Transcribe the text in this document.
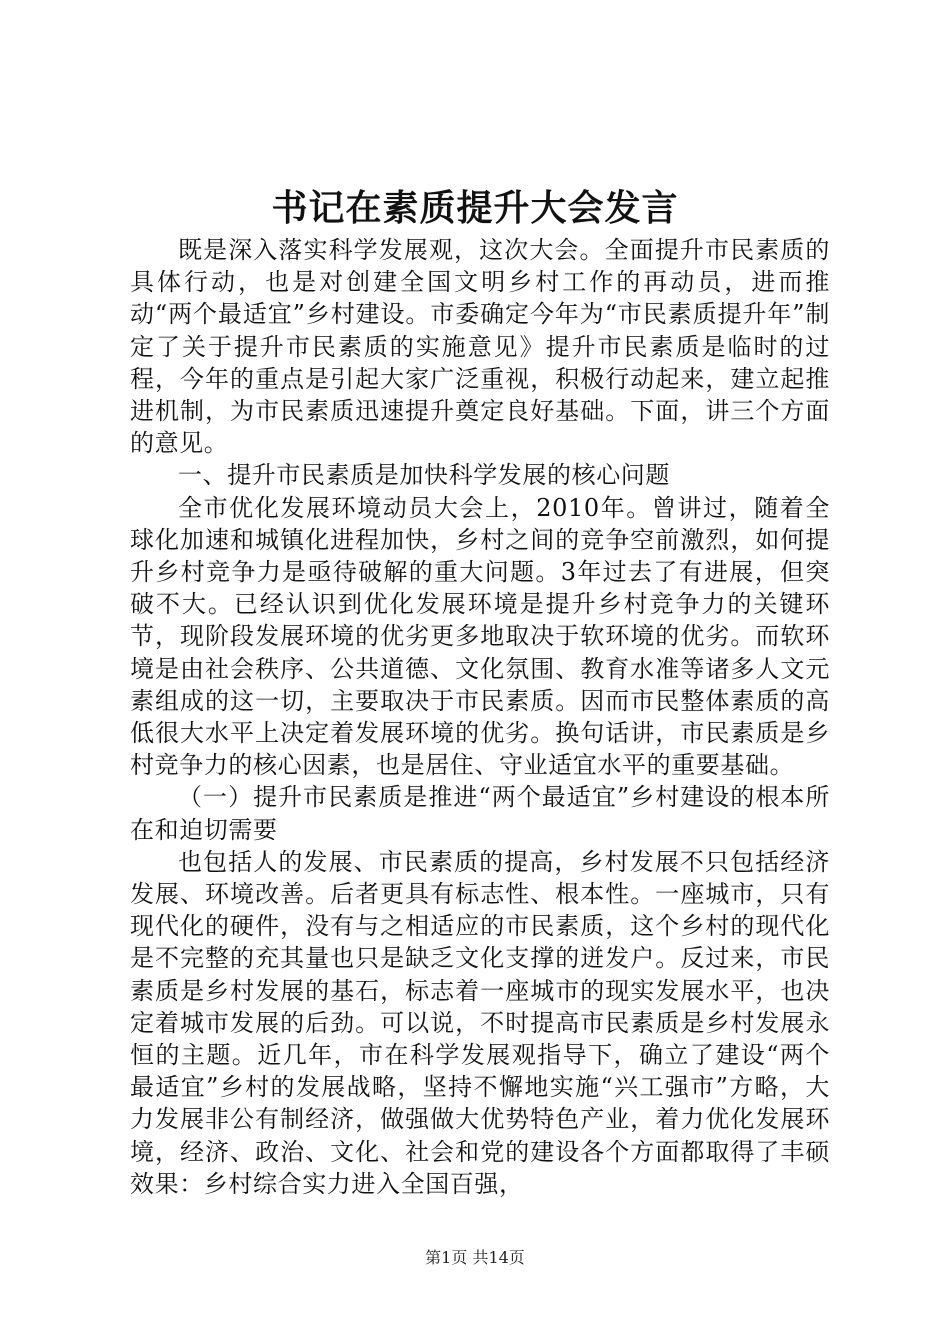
书记在素质提升大会发言

既是深入落实科学发展观，这次大会。全面提升市民素质的具体行动，也是对创建全国文明乡村工作的再动员，进而推动“两个最适宜”乡村建设。市委确定今年为“市民素质提升年”制定了关于提升市民素质的实施意见》提升市民素质是临时的过程，今年的重点是引起大家广泛重视，积极行动起来，建立起推进机制，为市民素质迅速提升奠定良好基础。下面，讲三个方面的意见。

一、提升市民素质是加快科学发展的核心问题

全市优化发展环境动员大会上，2010年。曾讲过，随着全球化加速和城镇化进程加快，乡村之间的竞争空前激烈，如何提升乡村竞争力是亟待破解的重大问题。3年过去了有进展，但突破不大。已经认识到优化发展环境是提升乡村竞争力的关键环节，现阶段发展环境的优劣更多地取决于软环境的优劣。而软环境是由社会秩序、公共道德、文化氛围、教育水准等诸多人文元素组成的这一切，主要取决于市民素质。因而市民整体素质的高低很大水平上决定着发展环境的优劣。换句话讲，市民素质是乡村竞争力的核心因素，也是居住、守业适宜水平的重要基础。

（一）提升市民素质是推进“两个最适宜”乡村建设的根本所在和迫切需要

也包括人的发展、市民素质的提高，乡村发展不只包括经济发展、环境改善。后者更具有标志性、根本性。一座城市，只有现代化的硬件，没有与之相适应的市民素质，这个乡村的现代化是不完整的充其量也只是缺乏文化支撑的迸发户。反过来，市民素质是乡村发展的基石，标志着一座城市的现实发展水平，也决定着城市发展的后劲。可以说，不时提高市民素质是乡村发展永恒的主题。近几年，市在科学发展观指导下，确立了建设“两个最适宜”乡村的发展战略，坚持不懈地实施“兴工强市”方略，大力发展非公有制经济，做强做大优势特色产业，着力优化发展环境，经济、政治、文化、社会和党的建设各个方面都取得了丰硕效果：乡村综合实力进入全国百强，

第1页 共14页
